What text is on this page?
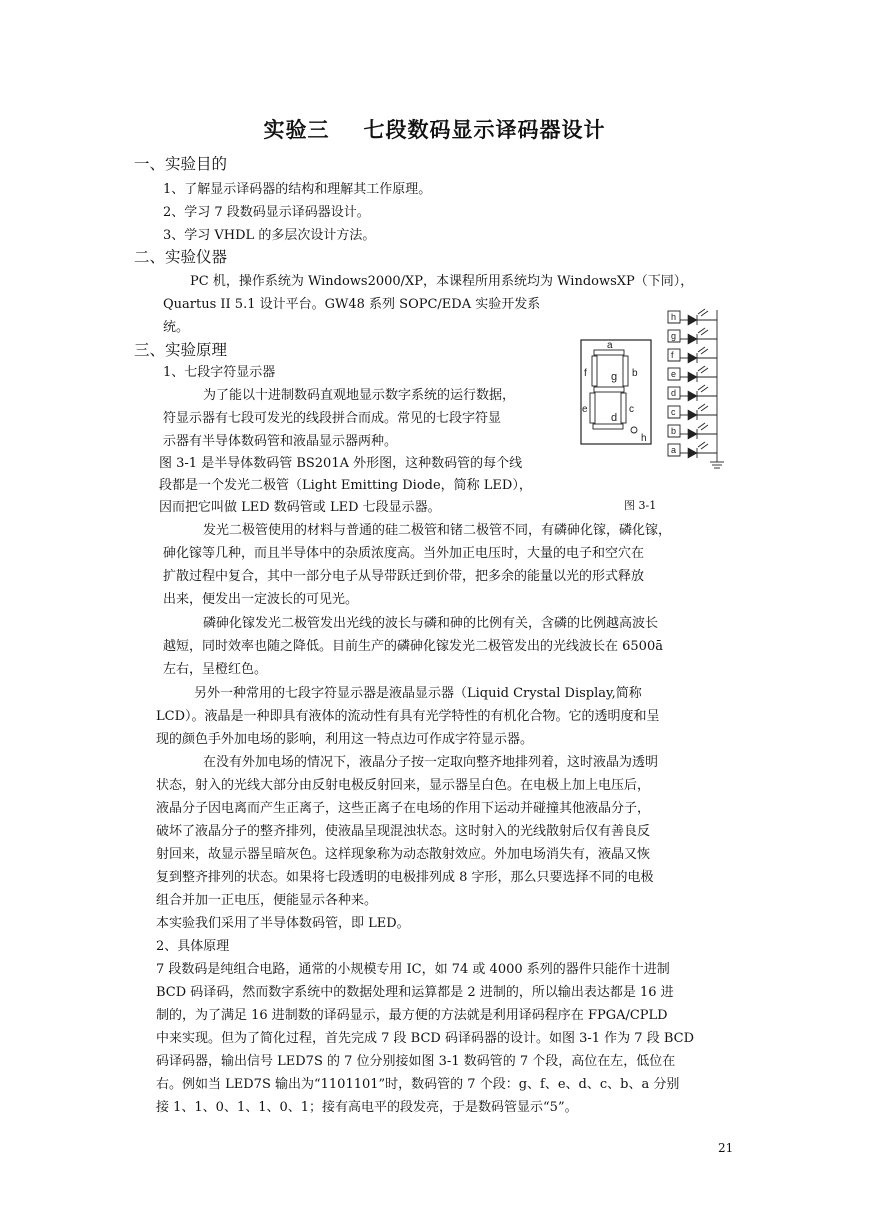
实验三 七段数码显示译码器设计
一、实验目的
1、了解显示译码器的结构和理解其工作原理。
2、学习 7 段数码显示译码器设计。
3、学习 VHDL 的多层次设计方法。
二、实验仪器
PC 机，操作系统为 Windows2000/XP，本课程所用系统均为 WindowsXP（下同），
Quartus II 5.1 设计平台。GW48 系列 SOPC/EDA 实验开发系
统。
三、实验原理
1、七段字符显示器
为了能以十进制数码直观地显示数字系统的运行数据，
符显示器有七段可发光的线段拼合而成。常见的七段字符显
示器有半导体数码管和液晶显示器两种。
图 3-1 是半导体数码管 BS201A 外形图，这种数码管的每个线
段都是一个发光二极管（Light Emitting Diode，简称 LED），
因而把它叫做 LED 数码管或 LED 七段显示器。
a
f g b
e
d
c
h
h
g
f
e
d
c
b
a
图 3-1
发光二极管使用的材料与普通的硅二极管和锗二极管不同，有磷砷化镓，磷化镓，
砷化镓等几种，而且半导体中的杂质浓度高。当外加正电压时，大量的电子和空穴在
扩散过程中复合，其中一部分电子从导带跃迁到价带，把多余的能量以光的形式释放
出来，便发出一定波长的可见光。
磷砷化镓发光二极管发出光线的波长与磷和砷的比例有关，含磷的比例越高波长
越短，同时效率也随之降低。目前生产的磷砷化镓发光二极管发出的光线波长在 6500ā
左右，呈橙红色。
另外一种常用的七段字符显示器是液晶显示器（Liquid Crystal Display,简称
LCD）。液晶是一种即具有液体的流动性有具有光学特性的有机化合物。它的透明度和呈
现的颜色手外加电场的影响，利用这一特点边可作成字符显示器。
在没有外加电场的情况下，液晶分子按一定取向整齐地排列着，这时液晶为透明
状态，射入的光线大部分由反射电极反射回来，显示器呈白色。在电极上加上电压后，
液晶分子因电离而产生正离子，这些正离子在电场的作用下运动并碰撞其他液晶分子，
破坏了液晶分子的整齐排列，使液晶呈现混浊状态。这时射入的光线散射后仅有善良反
射回来，故显示器呈暗灰色。这样现象称为动态散射效应。外加电场消失有，液晶又恢
复到整齐排列的状态。如果将七段透明的电极排列成 8 字形，那么只要选择不同的电极
组合并加一正电压，便能显示各种来。
本实验我们采用了半导体数码管，即 LED。
2、具体原理
7 段数码是纯组合电路，通常的小规模专用 IC，如 74 或 4000 系列的器件只能作十进制
BCD 码译码，然而数字系统中的数据处理和运算都是 2 进制的，所以输出表达都是 16 进
制的，为了满足 16 进制数的译码显示，最方便的方法就是利用译码程序在 FPGA/CPLD
中来实现。但为了简化过程，首先完成 7 段 BCD 码译码器的设计。如图 3-1 作为 7 段 BCD
码译码器，输出信号 LED7S 的 7 位分别接如图 3-1 数码管的 7 个段，高位在左，低位在
右。例如当 LED7S 输出为“1101101”时，数码管的 7 个段：g、f、e、d、c、b、a 分别
接 1、1、0、1、1、0、1；接有高电平的段发亮，于是数码管显示“5”。
21
